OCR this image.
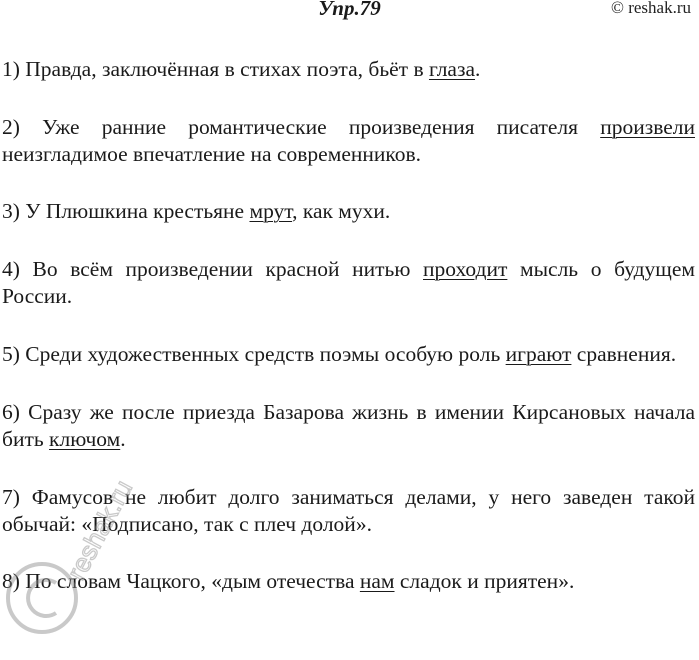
Упр.79	© reshak.ru

1) Правда, заключённая в стихах поэта, бьёт в глаза.

2) Уже ранние романтические произведения писателя произвели неизгладимое впечатление на современников.

3) У Плюшкина крестьяне мрут, как мухи.

4) Во всём произведении красной нитью проходит мысль о будущем России.

5) Среди художественных средств поэмы особую роль играют сравнения.

6) Сразу же после приезда Базарова жизнь в имении Кирсановых начала бить ключом.

7) Фамусов не любит долго заниматься делами, у него заведен такой обычай: «Подписано, так с плеч долой».

8) По словам Чацкого, «дым отечества нам сладок и приятен».

reshak.ru
